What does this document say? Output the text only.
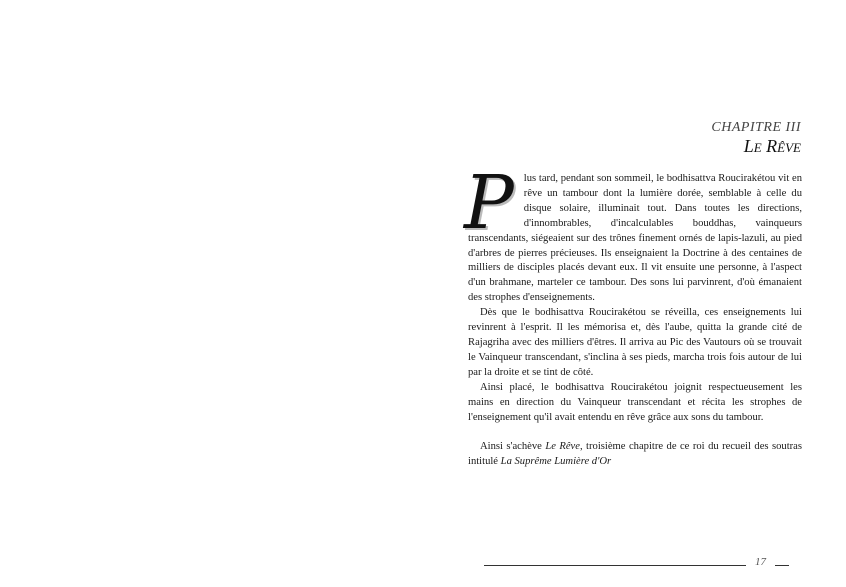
CHAPITRE III
Le Rêve

Plus tard, pendant son sommeil, le bodhisattva Roucirakétou vit en rêve un tambour dont la lumière dorée, semblable à celle du disque solaire, illuminait tout. Dans toutes les directions, d'innombrables, d'incalculables bouddhas, vainqueurs transcendants, siégeaient sur des trônes finement ornés de lapis-lazuli, au pied d'arbres de pierres précieuses. Ils enseignaient la Doctrine à des centaines de milliers de disciples placés devant eux. Il vit ensuite une personne, à l'aspect d'un brahmane, marteler ce tambour. Des sons lui parvinrent, d'où émanaient des strophes d'enseignements.

Dès que le bodhisattva Roucirakétou se réveilla, ces enseignements lui revinrent à l'esprit. Il les mémorisa et, dès l'aube, quitta la grande cité de Rajagriha avec des milliers d'êtres. Il arriva au Pic des Vautours où se trouvait le Vainqueur transcendant, s'inclina à ses pieds, marcha trois fois autour de lui par la droite et se tint de côté.

Ainsi placé, le bodhisattva Roucirakétou joignit respectueusement les mains en direction du Vainqueur transcendant et récita les strophes de l'enseignement qu'il avait entendu en rêve grâce aux sons du tambour.

Ainsi s'achève Le Rêve, troisième chapitre de ce roi du recueil des soutras intitulé La Suprême Lumière d'Or

17
